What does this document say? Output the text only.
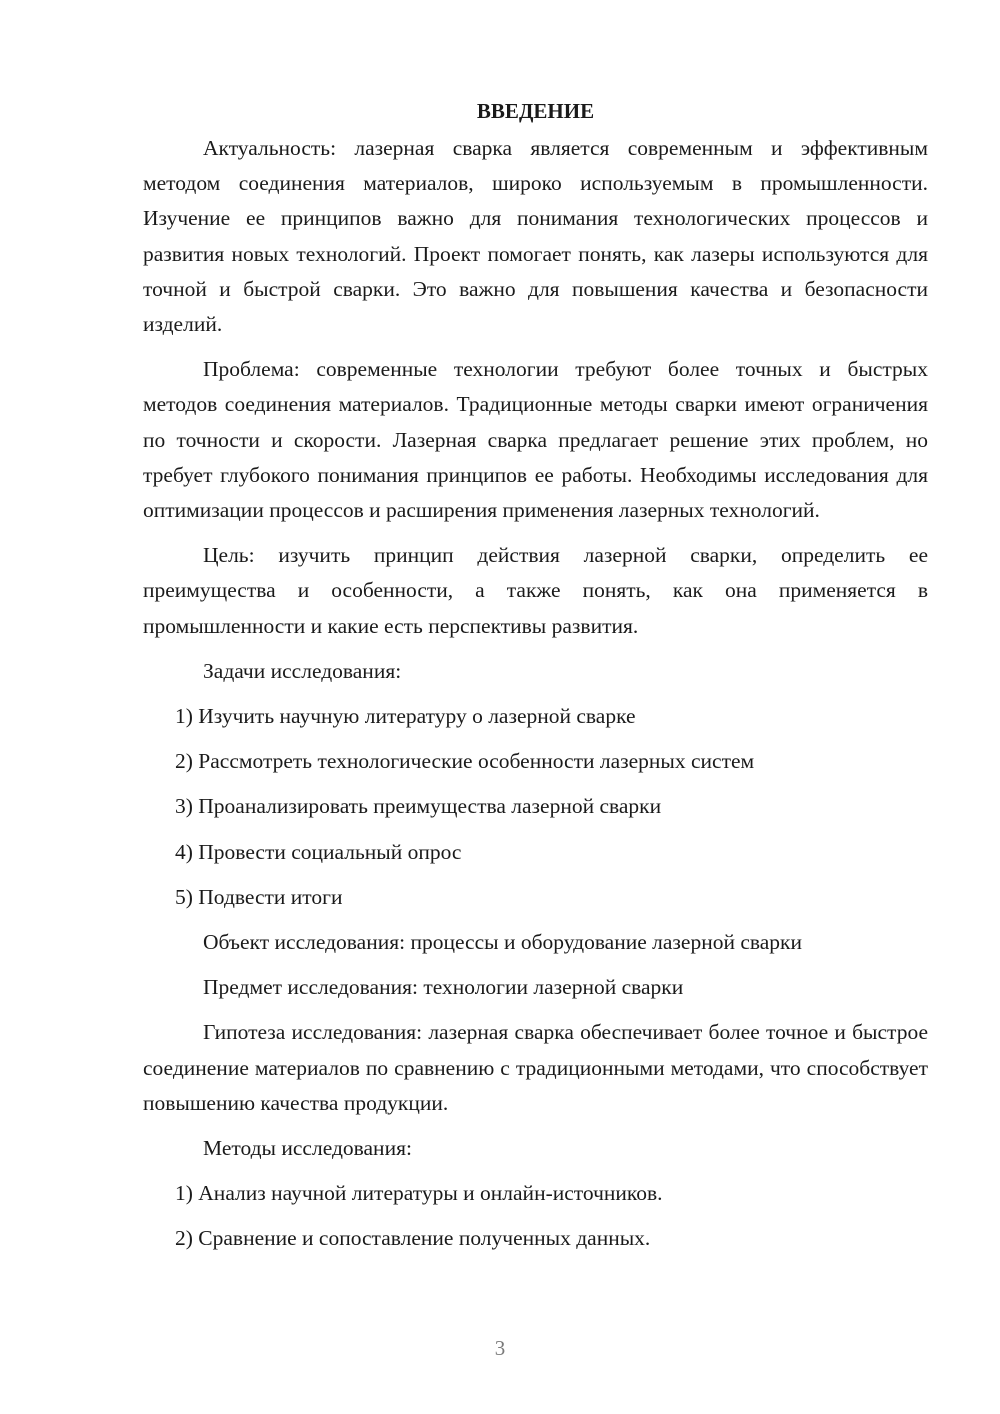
ВВЕДЕНИЕ

Актуальность: лазерная сварка является современным и эффективным методом соединения материалов, широко используемым в промышленности. Изучение ее принципов важно для понимания технологических процессов и развития новых технологий. Проект помогает понять, как лазеры используются для точной и быстрой сварки. Это важно для повышения качества и безопасности изделий.

Проблема: современные технологии требуют более точных и быстрых методов соединения материалов. Традиционные методы сварки имеют ограничения по точности и скорости. Лазерная сварка предлагает решение этих проблем, но требует глубокого понимания принципов ее работы. Необходимы исследования для оптимизации процессов и расширения применения лазерных технологий.

Цель: изучить принцип действия лазерной сварки, определить ее преимущества и особенности, а также понять, как она применяется в промышленности и какие есть перспективы развития.

Задачи исследования:
1) Изучить научную литературу о лазерной сварке
2) Рассмотреть технологические особенности лазерных систем
3) Проанализировать преимущества лазерной сварки
4) Провести социальный опрос
5) Подвести итоги
Объект исследования: процессы и оборудование лазерной сварки
Предмет исследования: технологии лазерной сварки

Гипотеза исследования: лазерная сварка обеспечивает более точное и быстрое соединение материалов по сравнению с традиционными методами, что способствует повышению качества продукции.

Методы исследования:
1) Анализ научной литературы и онлайн-источников.
2) Сравнение и сопоставление полученных данных.
3
